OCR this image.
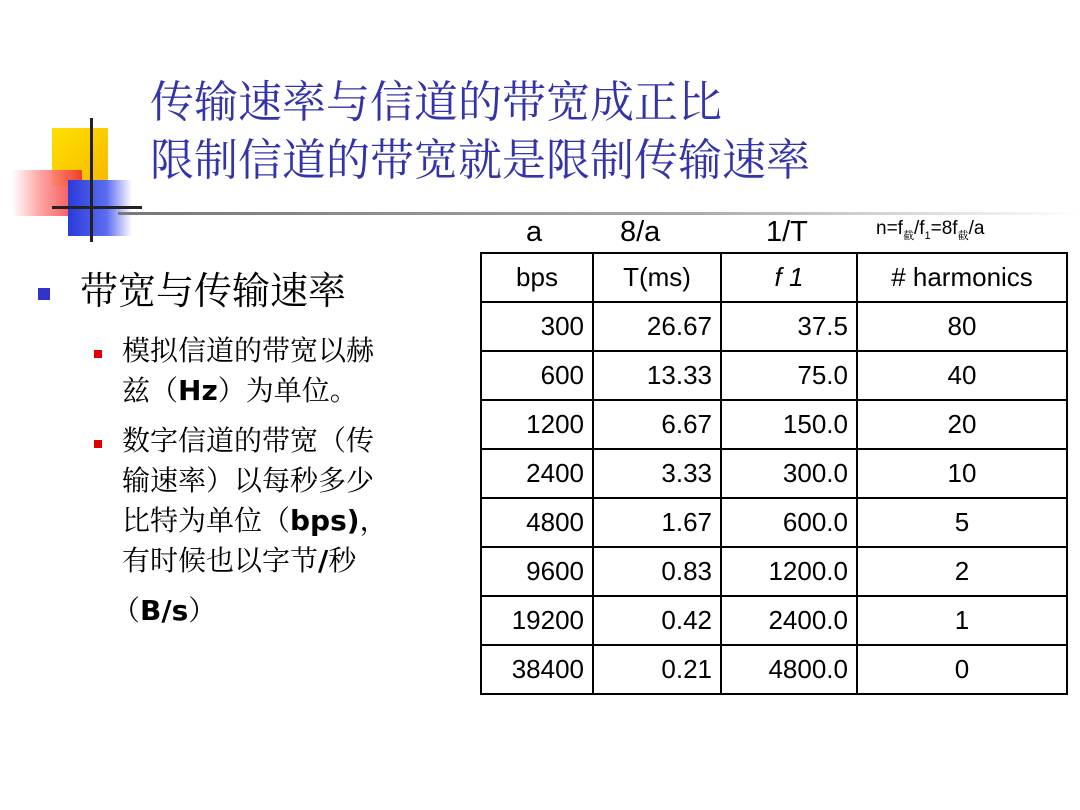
传输速率与信道的带宽成正比
限制信道的带宽就是限制传输速率
带宽与传输速率
模拟信道的带宽以赫
兹（Hz）为单位。
数字信道的带宽（传
输速率）以每秒多少
比特为单位（bps)，
有时候也以字节/秒
（B/s）
a	8/a	1/T	$n=f_截/f_1=8f_截/a$
bps	T(ms)	f 1	# harmonics
300	26.67	37.5	80
600	13.33	75.0	40
1200	6.67	150.0	20
2400	3.33	300.0	10
4800	1.67	600.0	5
9600	0.83	1200.0	2
19200	0.42	2400.0	1
38400	0.21	4800.0	0
